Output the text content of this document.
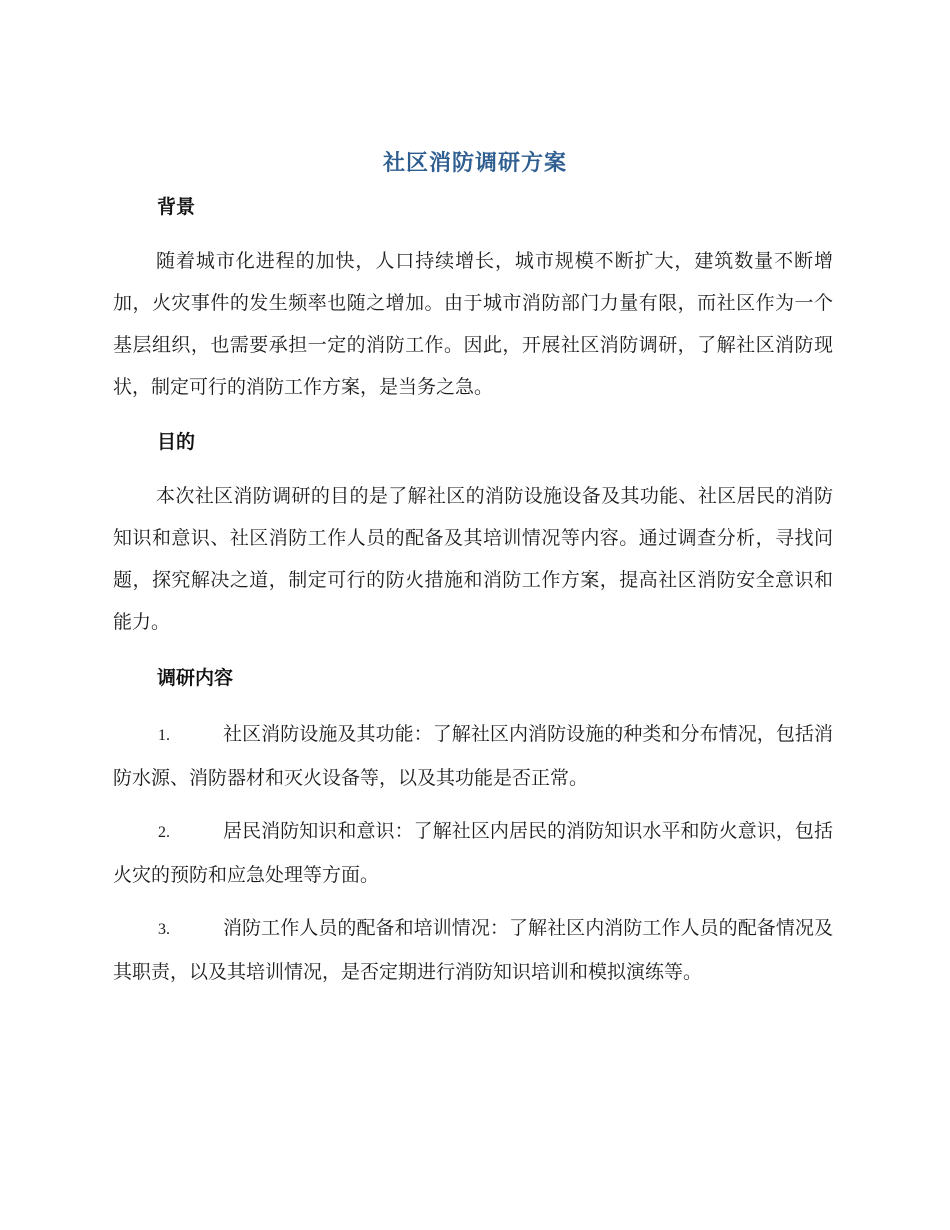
社区消防调研方案
背景

随着城市化进程的加快，人口持续增长，城市规模不断扩大，建筑数量不断增加，火灾事件的发生频率也随之增加。由于城市消防部门力量有限，而社区作为一个基层组织，也需要承担一定的消防工作。因此，开展社区消防调研，了解社区消防现状，制定可行的消防工作方案，是当务之急。

目的

本次社区消防调研的目的是了解社区的消防设施设备及其功能、社区居民的消防知识和意识、社区消防工作人员的配备及其培训情况等内容。通过调查分析，寻找问题，探究解决之道，制定可行的防火措施和消防工作方案，提高社区消防安全意识和能力。

调研内容

1.	社区消防设施及其功能：了解社区内消防设施的种类和分布情况，包括消防水源、消防器材和灭火设备等，以及其功能是否正常。

2.	居民消防知识和意识：了解社区内居民的消防知识水平和防火意识，包括火灾的预防和应急处理等方面。

3.	消防工作人员的配备和培训情况：了解社区内消防工作人员的配备情况及其职责，以及其培训情况，是否定期进行消防知识培训和模拟演练等。
